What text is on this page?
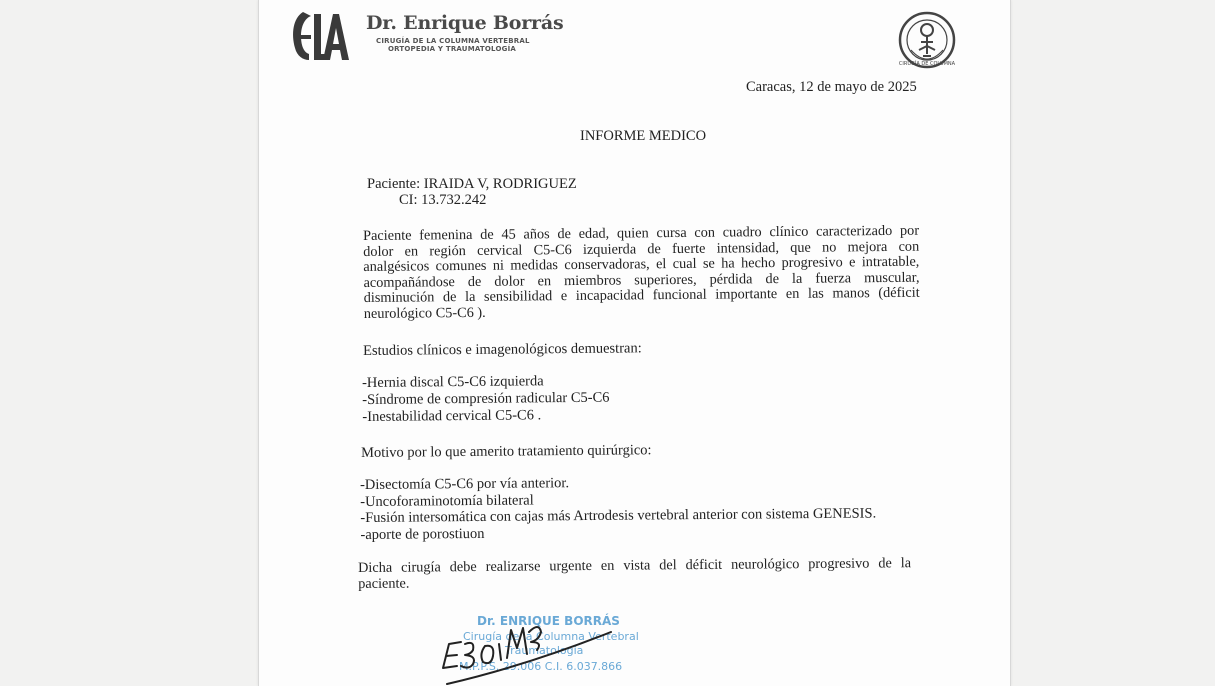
Dr. Enrique Borrás
CIRUGÍA DE LA COLUMNA VERTEBRAL
ORTOPEDIA Y TRAUMATOLOGÍA
CIRUGÍA DE COLUMNA
Caracas, 12 de mayo de 2025
INFORME MEDICO
Paciente: IRAIDA V, RODRIGUEZ
CI: 13.732.242
Paciente femenina de 45 años de edad, quien cursa con cuadro clínico caracterizado por
dolor en región cervical C5-C6 izquierda de fuerte intensidad, que no mejora con
analgésicos comunes ni medidas conservadoras, el cual se ha hecho progresivo e intratable,
acompañándose de dolor en miembros superiores, pérdida de la fuerza muscular,
disminución de la sensibilidad e incapacidad funcional importante en las manos (déficit
neurológico C5-C6 ).
Estudios clínicos e imagenológicos demuestran:
-Hernia discal C5-C6 izquierda
-Síndrome de compresión radicular C5-C6
-Inestabilidad cervical C5-C6 .
Motivo por lo que amerito tratamiento quirúrgico:
-Disectomía C5-C6 por vía anterior.
-Uncoforaminotomía bilateral
-Fusión intersomática con cajas más Artrodesis vertebral anterior con sistema GENESIS.
-aporte de porostiuon
Dicha cirugía debe realizarse urgente en vista del déficit neurológico progresivo de la
paciente.
Dr. ENRIQUE BORRÁS
Cirugía de la Columna Vertebral
Traumatología
M.P.P.S. 29.006 C.I. 6.037.866
